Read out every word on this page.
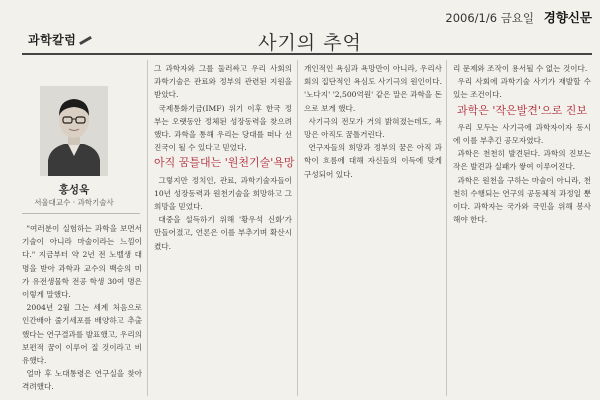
2006/1/6 금요일 경향신문
과학칼럼	사기의 추억
홍성욱
서울대교수 · 과학기술사

"여러분이 실험하는 과학을 보면서 기술이 아니라 마술이라는 느낌이다." 지금부터 약 2년 전 노벨생 대명을 받아 과학과 교수의 백승의 미가 유전생물학 전공 학생 30여 명은 이렇게 말했다.

2004년 2월 그는 세계 처음으로 인간배아 줄기세포를 배양하고 추출했다는 연구결과를 발표했고, 우리의 보편적 꿈이 이루어 질 것이라고 비유했다.

얼마 후 노대통령은 연구실을 찾아 격려했다.

그 과학자와 그를 둘러싸고 우리 사회의 과학기술은 관료와 정부의 관련된 지원을 받았다.

국제통화기금(IMF) 위기 이후 한국 정부는 오랫동안 정체된 성장동력을 찾으려 했다. 과학을 통해 우리는 당대를 떠나 선진국이 될 수 있다고 믿었다.

아직 꿈틀대는 '원천기술'욕망

그렇지만 정치인, 관료, 과학기술자들이 10년 성장동력과 원천기술을 희망하고 그 희망을 믿었다.

대중을 설득하기 위해 '황우석 신화'가 만들어졌고, 언론은 이를 부추기며 확산시켰다.

개인적인 욕심과 욕망만이 아니라, 우리사회의 집단적인 욕심도 사기극의 원인이다. '노다지' '2,500억원' 같은 말은 과학을 돈으로 보게 했다.

사기극의 전모가 거의 밝혀졌는데도, 욕망은 아직도 꿈틀거린다.

연구자들의 희망과 정부의 꿈은 아직 과학이 흐름에 대해 자신들의 이득에 맞게 구성되어 있다.

리 문제와 조작이 용서될 수 없는 것이다.

우리 사회에 과학기술 사기가 재발할 수 있는 조건이다.

과학은 '작은발견'으로 진보

우리 모두는 사기극에 과학자이자 동시에 이를 부추긴 공모자였다.

과학은 천천히 발견된다. 과학의 진보는 작은 발견과 실패가 쌓여 이루어진다.

과학은 원천을 구하는 마술이 아니라, 천천히 수행되는 연구의 공동체적 과정일 뿐이다. 과학자는 국가와 국민을 위해 봉사해야 한다.
